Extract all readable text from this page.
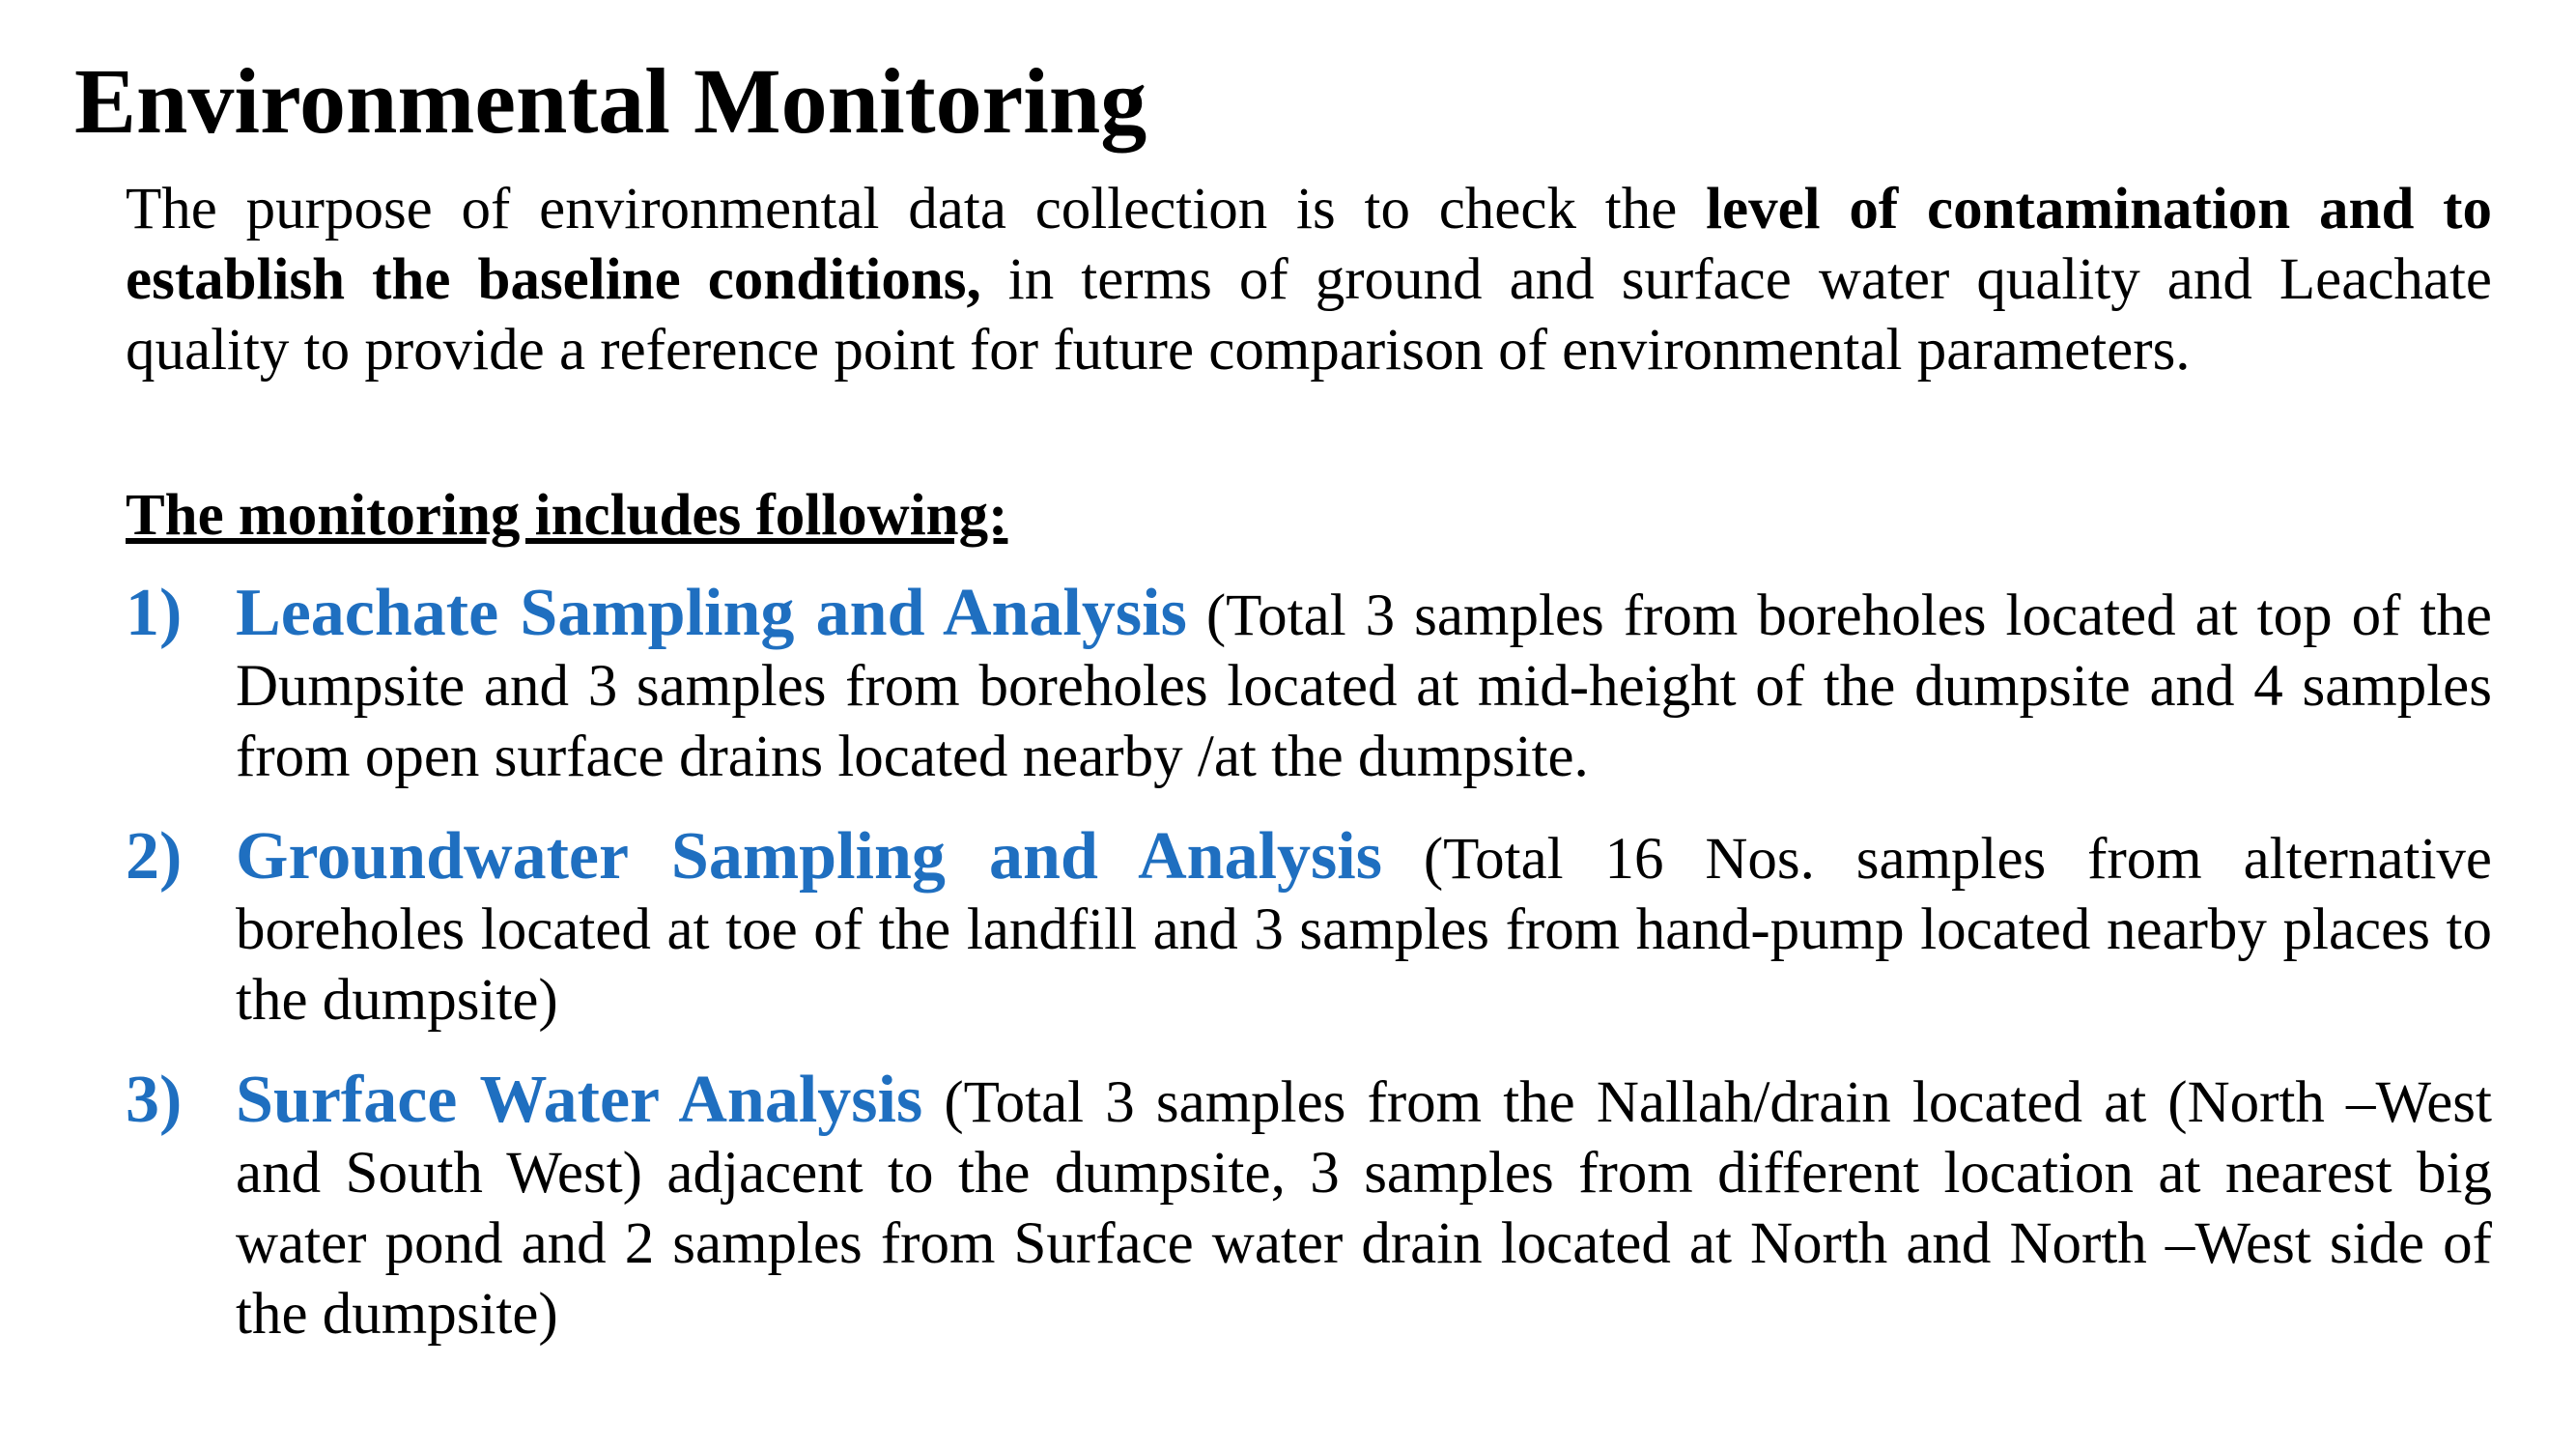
Environmental Monitoring

The purpose of environmental data collection is to check the level of contamination and to establish the baseline conditions, in terms of ground and surface water quality and Leachate quality to provide a reference point for future comparison of environmental parameters.

The monitoring includes following:

1) Leachate Sampling and Analysis (Total 3 samples from boreholes located at top of the Dumpsite and 3 samples from boreholes located at mid-height of the dumpsite and 4 samples from open surface drains located nearby /at the dumpsite.
2) Groundwater Sampling and Analysis (Total 16 Nos. samples from alternative boreholes located at toe of the landfill and 3 samples from hand-pump located nearby places to the dumpsite)
3) Surface Water Analysis (Total 3 samples from the Nallah/drain located at (North –West and South West) adjacent to the dumpsite, 3 samples from different location at nearest big water pond and 2 samples from Surface water drain located at North and North –West side of the dumpsite)
